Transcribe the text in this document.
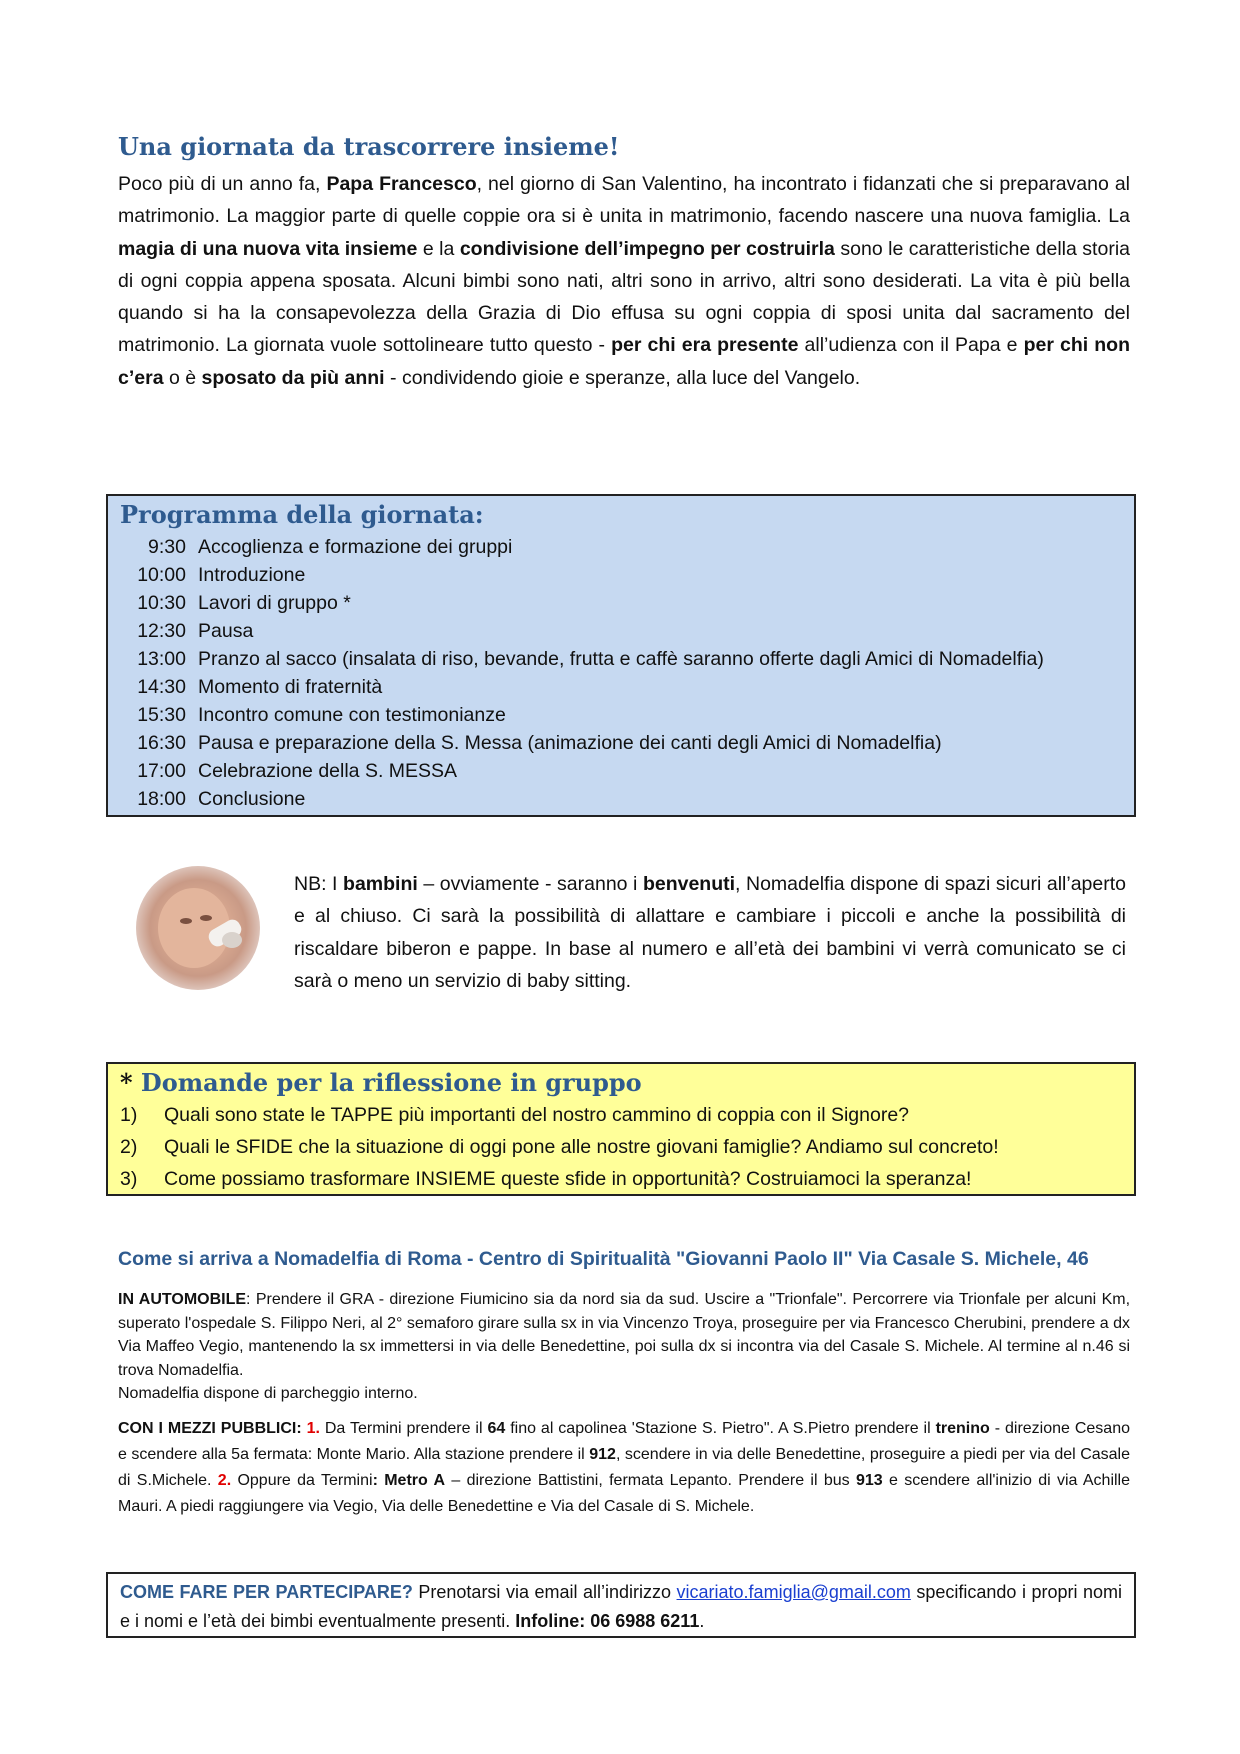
Una giornata da trascorrere insieme!

Poco più di un anno fa, Papa Francesco, nel giorno di San Valentino, ha incontrato i fidanzati che si preparavano al matrimonio. La maggior parte di quelle coppie ora si è unita in matrimonio, facendo nascere una nuova famiglia. La magia di una nuova vita insieme e la condivisione dell’impegno per costruirla sono le caratteristiche della storia di ogni coppia appena sposata. Alcuni bimbi sono nati, altri sono in arrivo, altri sono desiderati. La vita è più bella quando si ha la consapevolezza della Grazia di Dio effusa su ogni coppia di sposi unita dal sacramento del matrimonio. La giornata vuole sottolineare tutto questo - per chi era presente all’udienza con il Papa e per chi non c’era o è sposato da più anni - condividendo gioie e speranze, alla luce del Vangelo.

Programma della giornata:
9:30 Accoglienza e formazione dei gruppi
10:00 Introduzione
10:30 Lavori di gruppo *
12:30 Pausa
13:00 Pranzo al sacco (insalata di riso, bevande, frutta e caffè saranno offerte dagli Amici di Nomadelfia)
14:30 Momento di fraternità
15:30 Incontro comune con testimonianze
16:30 Pausa e preparazione della S. Messa (animazione dei canti degli Amici di Nomadelfia)
17:00 Celebrazione della S. MESSA
18:00 Conclusione

NB: I bambini – ovviamente - saranno i benvenuti, Nomadelfia dispone di spazi sicuri all’aperto e al chiuso. Ci sarà la possibilità di allattare e cambiare i piccoli e anche la possibilità di riscaldare biberon e pappe. In base al numero e all’età dei bambini vi verrà comunicato se ci sarà o meno un servizio di baby sitting.

* Domande per la riflessione in gruppo
1)	Quali sono state le TAPPE più importanti del nostro cammino di coppia con il Signore?
2)	Quali le SFIDE che la situazione di oggi pone alle nostre giovani famiglie? Andiamo sul concreto!
3)	Come possiamo trasformare INSIEME queste sfide in opportunità? Costruiamoci la speranza!

Come si arriva a Nomadelfia di Roma - Centro di Spiritualità "Giovanni Paolo II" Via Casale S. Michele, 46

IN AUTOMOBILE: Prendere il GRA - direzione Fiumicino sia da nord sia da sud. Uscire a "Trionfale". Percorrere via Trionfale per alcuni Km, superato l'ospedale S. Filippo Neri, al 2° semaforo girare sulla sx in via Vincenzo Troya, proseguire per via Francesco Cherubini, prendere a dx Via Maffeo Vegio, mantenendo la sx immettersi in via delle Benedettine, poi sulla dx si incontra via del Casale S. Michele. Al termine al n.46 si trova Nomadelfia.

Nomadelfia dispone di parcheggio interno.

CON I MEZZI PUBBLICI: 1. Da Termini prendere il 64 fino al capolinea 'Stazione S. Pietro". A S.Pietro prendere il trenino - direzione Cesano e scendere alla 5a fermata: Monte Mario. Alla stazione prendere il 912, scendere in via delle Benedettine, proseguire a piedi per via del Casale di S.Michele. 2. Oppure da Termini: Metro A – direzione Battistini, fermata Lepanto. Prendere il bus 913 e scendere all'inizio di via Achille Mauri. A piedi raggiungere via Vegio, Via delle Benedettine e Via del Casale di S. Michele.

COME FARE PER PARTECIPARE? Prenotarsi via email all’indirizzo vicariato.famiglia@gmail.com specificando i propri nomi e i nomi e l’età dei bimbi eventualmente presenti. Infoline: 06 6988 6211.
